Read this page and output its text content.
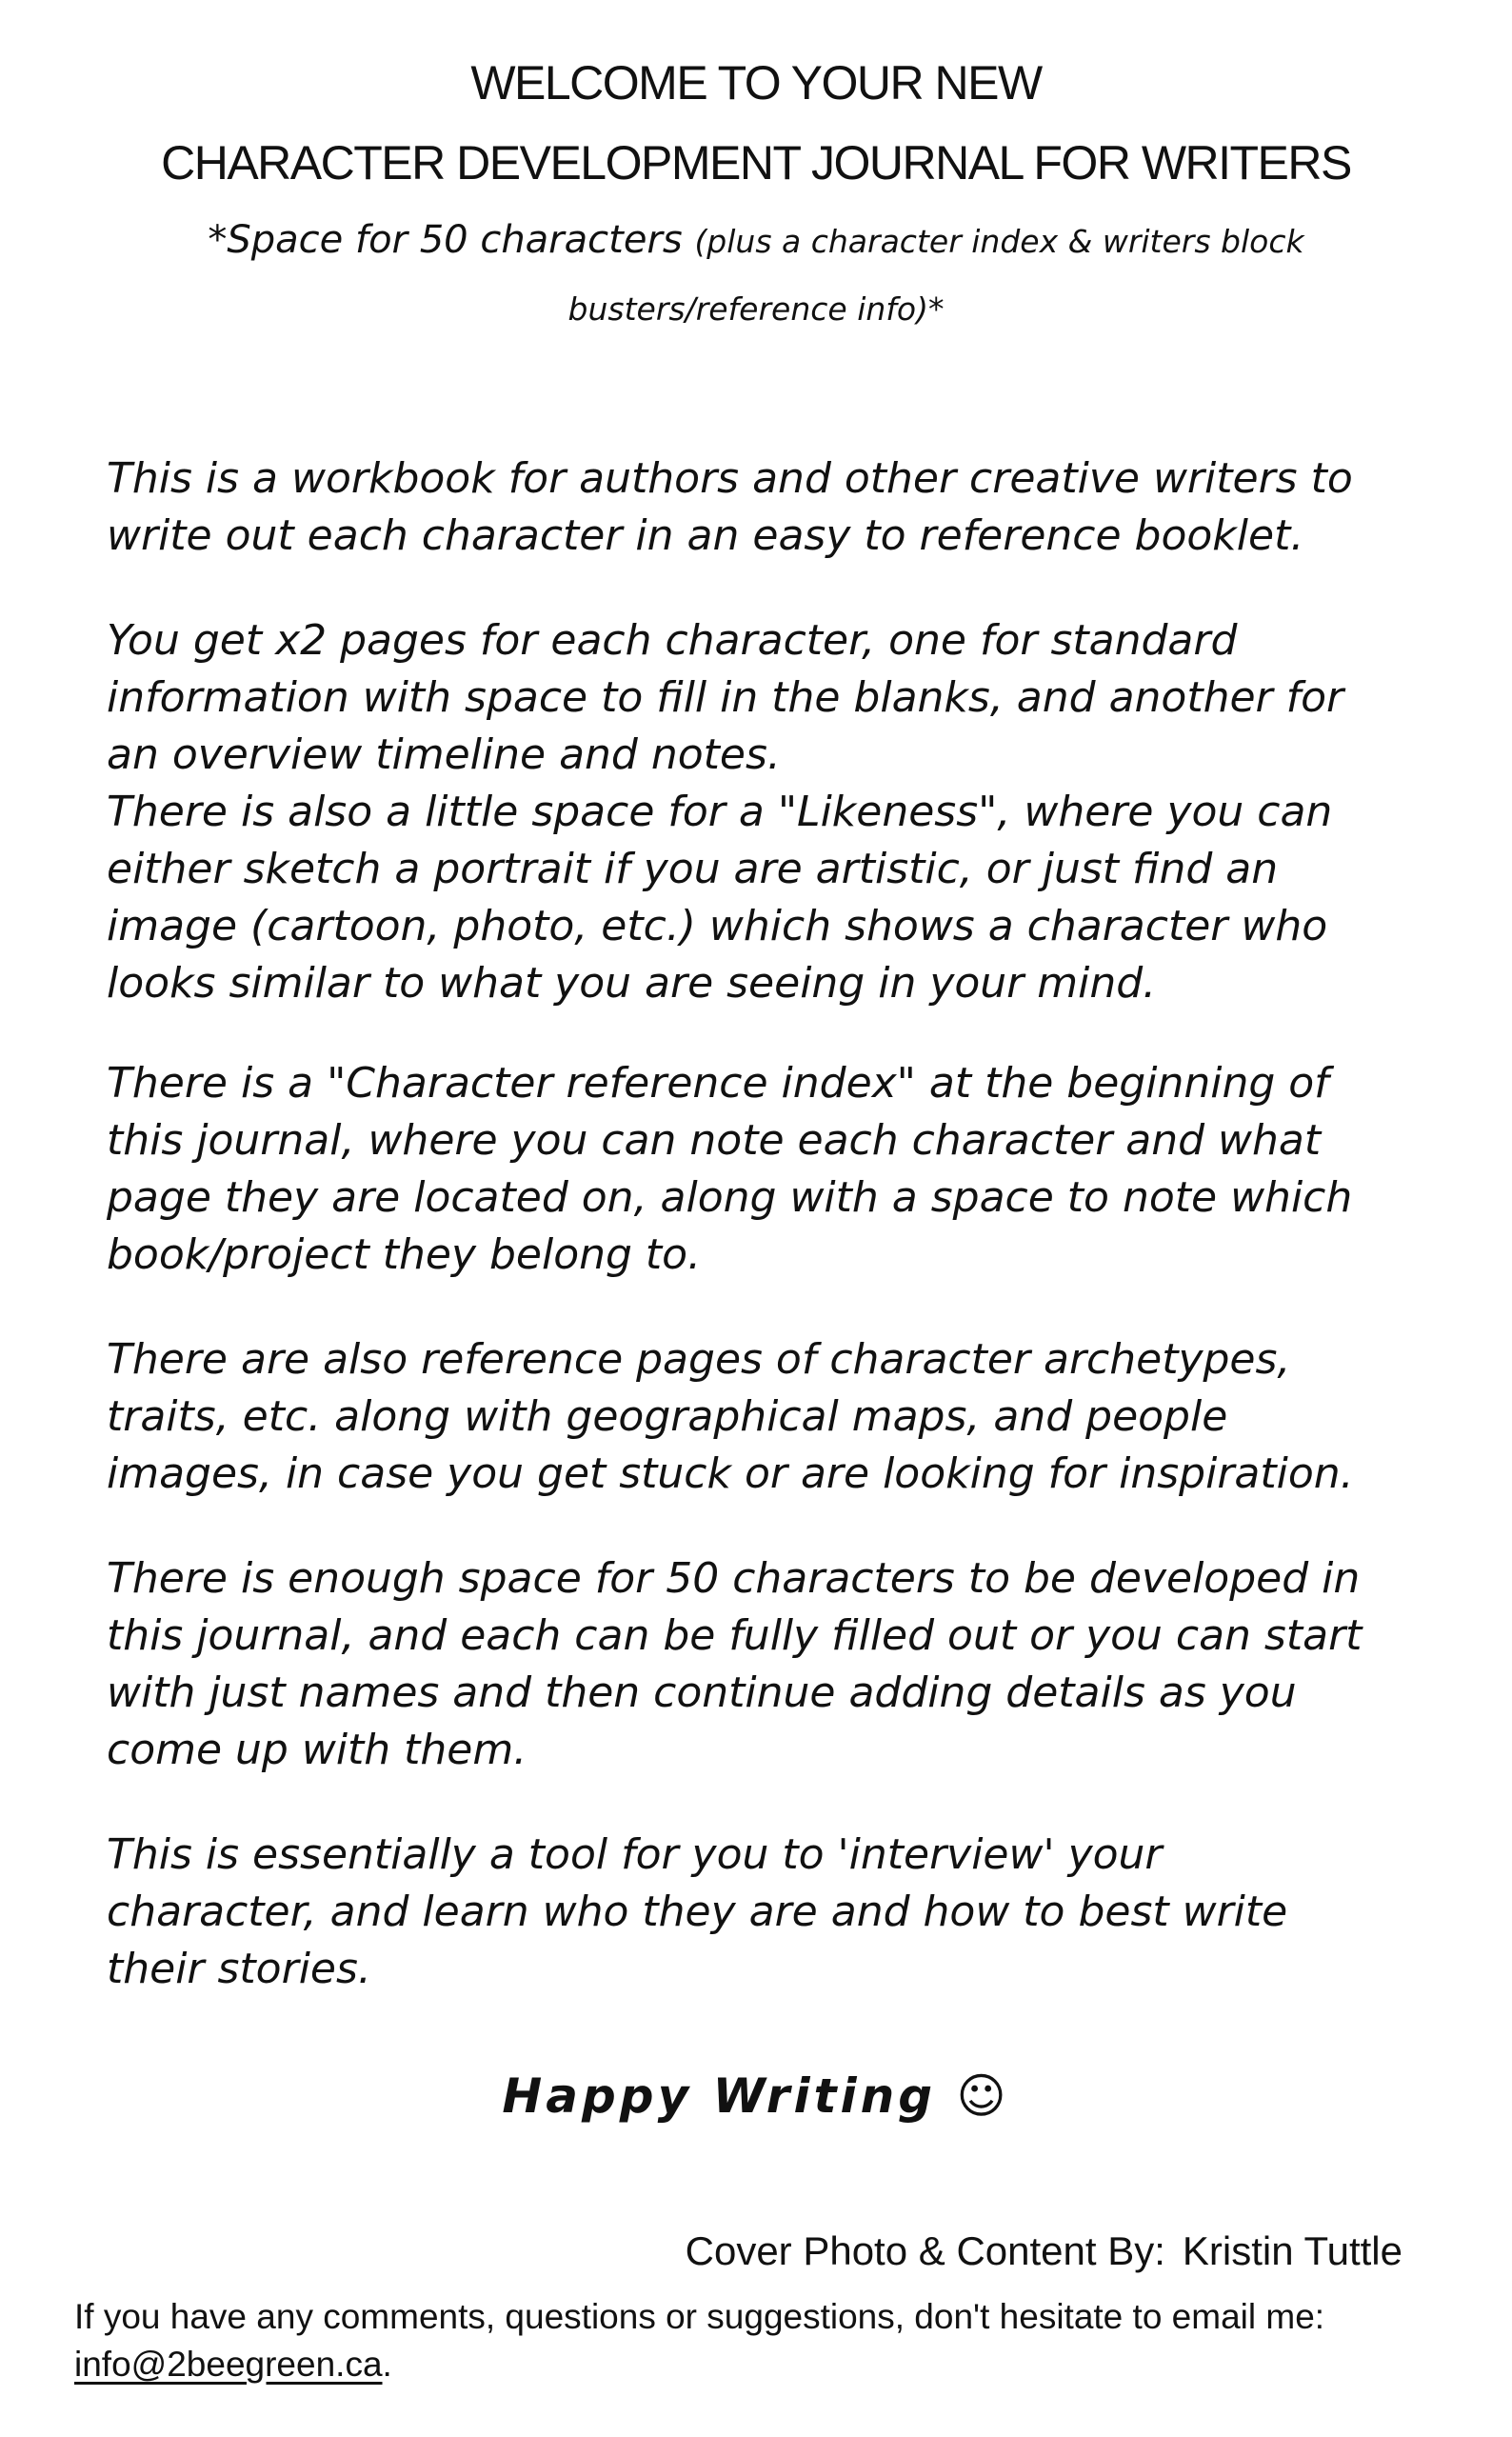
WELCOME TO YOUR NEW
CHARACTER DEVELOPMENT JOURNAL FOR WRITERS
*Space for 50 characters (plus a character index & writers block
busters/reference info)*
This is a workbook for authors and other creative writers to
write out each character in an easy to reference booklet.
You get x2 pages for each character, one for standard
information with space to fill in the blanks, and another for
an overview timeline and notes.
There is also a little space for a "Likeness", where you can
either sketch a portrait if you are artistic, or just find an
image (cartoon, photo, etc.) which shows a character who
looks similar to what you are seeing in your mind.
There is a "Character reference index" at the beginning of
this journal, where you can note each character and what
page they are located on, along with a space to note which
book/project they belong to.
There are also reference pages of character archetypes,
traits, etc. along with geographical maps, and people
images, in case you get stuck or are looking for inspiration.
There is enough space for 50 characters to be developed in
this journal, and each can be fully filled out or you can start
with just names and then continue adding details as you
come up with them.
This is essentially a tool for you to 'interview' your
character, and learn who they are and how to best write
their stories.
Happy Writing ☺
Cover Photo & Content By: Kristin Tuttle
If you have any comments, questions or suggestions, don't hesitate to email me:
info@2beegreen.ca.
